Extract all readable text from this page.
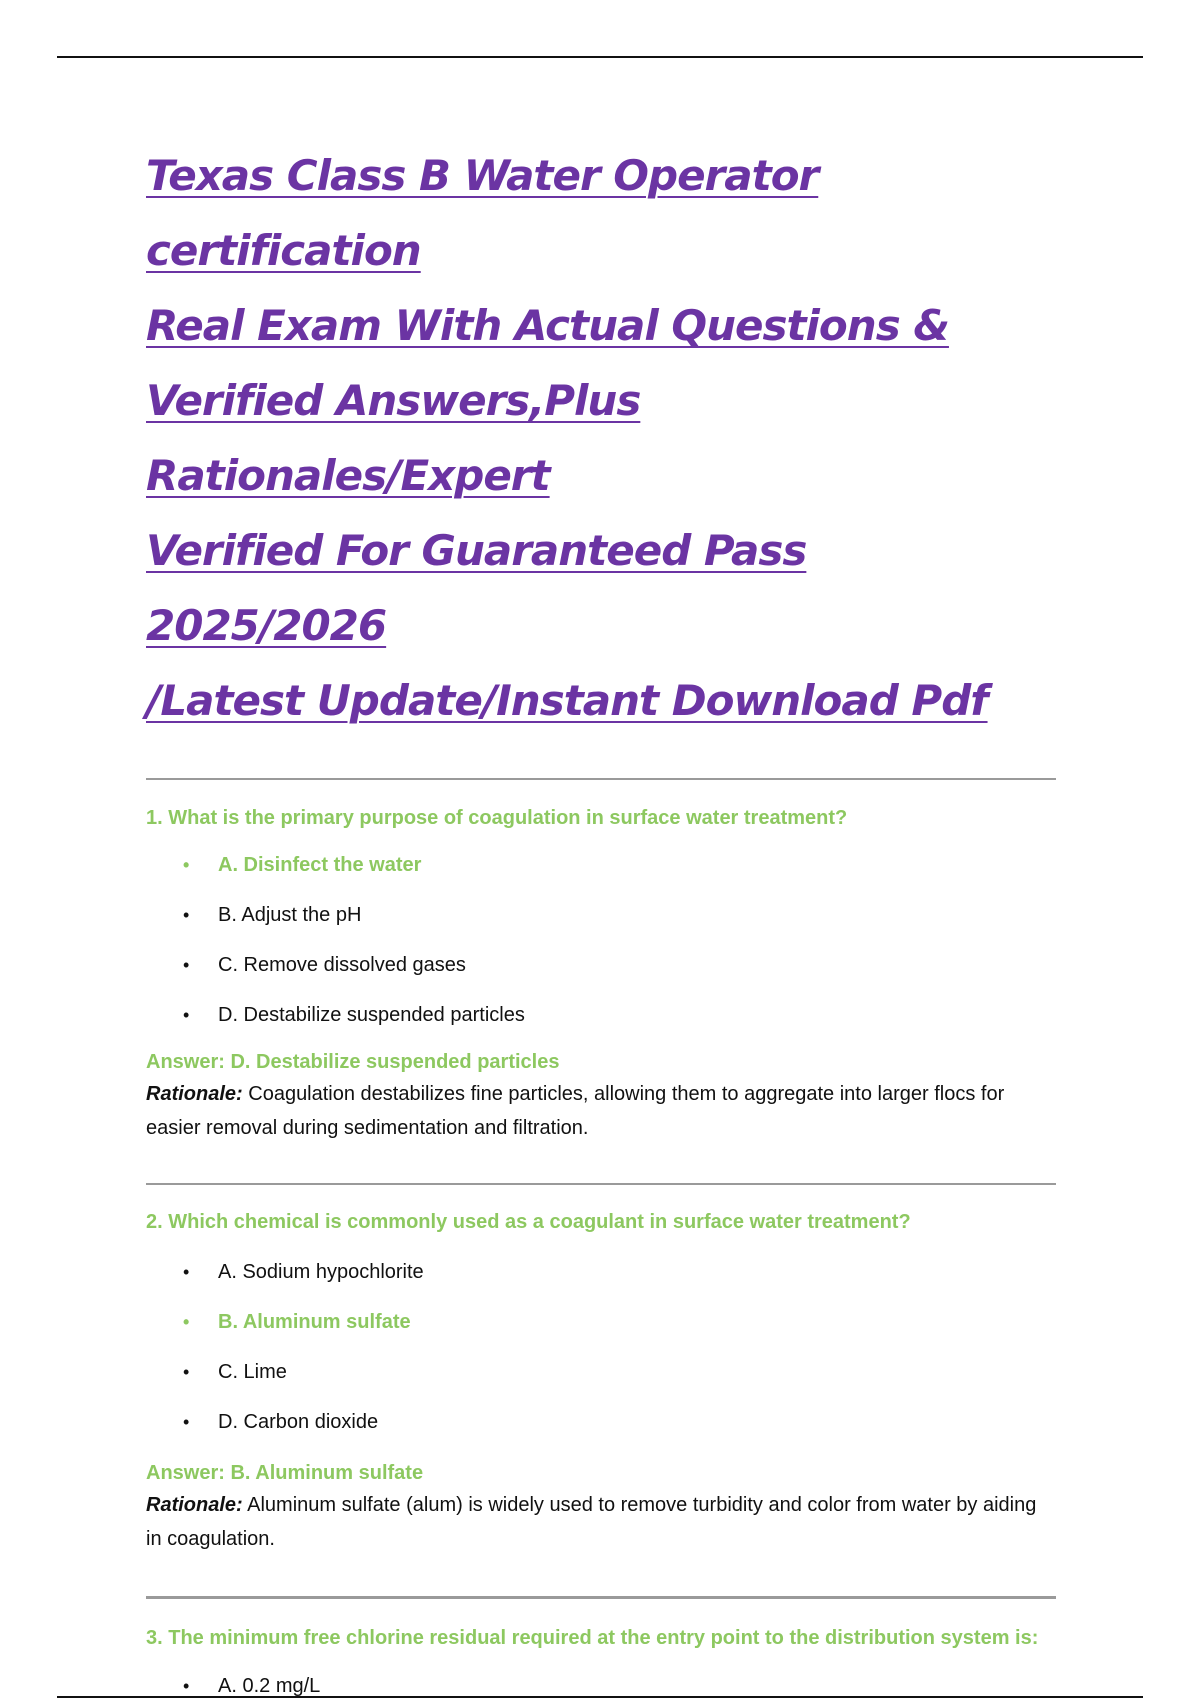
Texas Class B Water Operator certification
Real Exam With Actual Questions &
Verified Answers,Plus Rationales/Expert
Verified For Guaranteed Pass 2025/2026
/Latest Update/Instant Download Pdf

1. What is the primary purpose of coagulation in surface water treatment?

• A. Disinfect the water
• B. Adjust the pH
• C. Remove dissolved gases
• D. Destabilize suspended particles

Answer: D. Destabilize suspended particles

Rationale: Coagulation destabilizes fine particles, allowing them to aggregate into larger flocs for easier removal during sedimentation and filtration.

2. Which chemical is commonly used as a coagulant in surface water treatment?

• A. Sodium hypochlorite
• B. Aluminum sulfate
• C. Lime
• D. Carbon dioxide

Answer: B. Aluminum sulfate

Rationale: Aluminum sulfate (alum) is widely used to remove turbidity and color from water by aiding in coagulation.

3. The minimum free chlorine residual required at the entry point to the distribution system is:

• A. 0.2 mg/L
